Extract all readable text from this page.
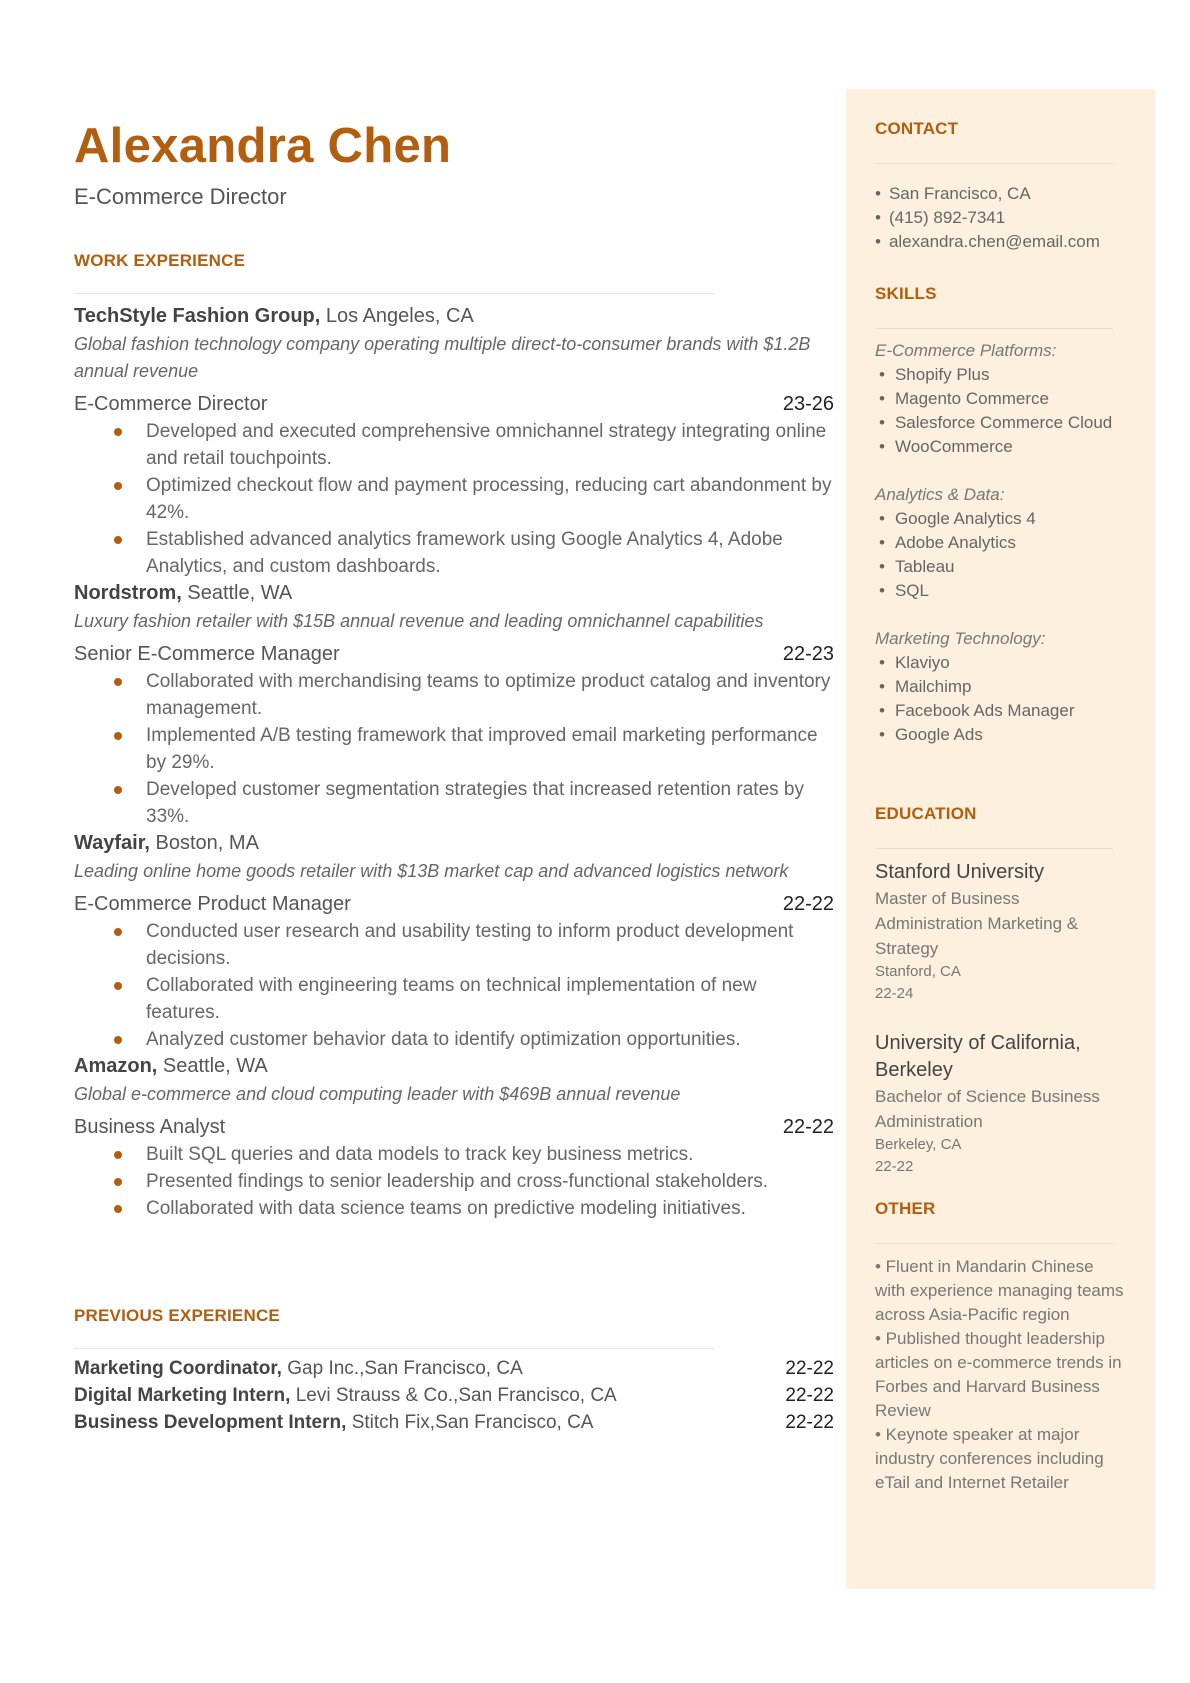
Alexandra Chen
E-Commerce Director
WORK EXPERIENCE
TechStyle Fashion Group, Los Angeles, CA
Global fashion technology company operating multiple direct-to-consumer brands with $1.2B annual revenue
E-Commerce Director	23-26
Developed and executed comprehensive omnichannel strategy integrating online and retail touchpoints.
Optimized checkout flow and payment processing, reducing cart abandonment by 42%.
Established advanced analytics framework using Google Analytics 4, Adobe Analytics, and custom dashboards.
Nordstrom, Seattle, WA
Luxury fashion retailer with $15B annual revenue and leading omnichannel capabilities
Senior E-Commerce Manager	22-23
Collaborated with merchandising teams to optimize product catalog and inventory management.
Implemented A/B testing framework that improved email marketing performance by 29%.
Developed customer segmentation strategies that increased retention rates by 33%.
Wayfair, Boston, MA
Leading online home goods retailer with $13B market cap and advanced logistics network
E-Commerce Product Manager	22-22
Conducted user research and usability testing to inform product development decisions.
Collaborated with engineering teams on technical implementation of new features.
Analyzed customer behavior data to identify optimization opportunities.
Amazon, Seattle, WA
Global e-commerce and cloud computing leader with $469B annual revenue
Business Analyst	22-22
Built SQL queries and data models to track key business metrics.
Presented findings to senior leadership and cross-functional stakeholders.
Collaborated with data science teams on predictive modeling initiatives.
PREVIOUS EXPERIENCE
Marketing Coordinator, Gap Inc.,San Francisco, CA	22-22
Digital Marketing Intern, Levi Strauss & Co.,San Francisco, CA	22-22
Business Development Intern, Stitch Fix,San Francisco, CA	22-22
CONTACT
• San Francisco, CA
• (415) 892-7341
• alexandra.chen@email.com
SKILLS
E-Commerce Platforms:
• Shopify Plus
• Magento Commerce
• Salesforce Commerce Cloud
• WooCommerce
Analytics & Data:
• Google Analytics 4
• Adobe Analytics
• Tableau
• SQL
Marketing Technology:
• Klaviyo
• Mailchimp
• Facebook Ads Manager
• Google Ads
EDUCATION
Stanford University
Master of Business Administration Marketing & Strategy
Stanford, CA
22-24
University of California, Berkeley
Bachelor of Science Business Administration
Berkeley, CA
22-22
OTHER
• Fluent in Mandarin Chinese with experience managing teams across Asia-Pacific region
• Published thought leadership articles on e-commerce trends in Forbes and Harvard Business Review
• Keynote speaker at major industry conferences including eTail and Internet Retailer
